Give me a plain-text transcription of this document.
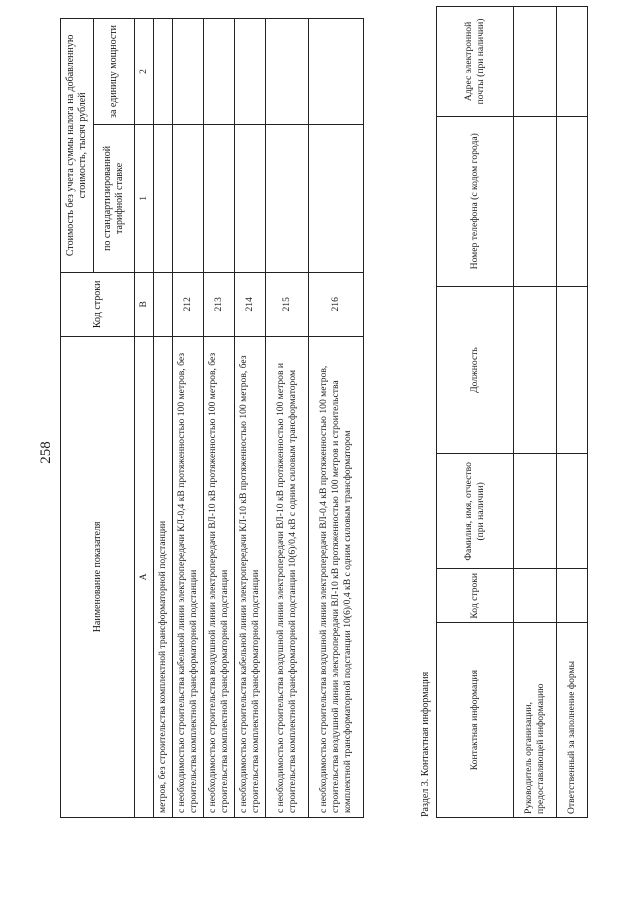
258
Наименование показателя	Код строки	Стоимость без учета суммы налога на добавленную стоимость, тысяч рублей	
		по стандартизированной тарифной ставке	за единицу мощности
А	В	1	2
метров, без строительства комплектной трансформаторной подстанции			
с необходимостью строительства кабельной линии электропередачи КЛ-0,4 кВ протяженностью 100 метров, без строительства комплектной трансформаторной подстанции	212		
с необходимостью строительства воздушной линии электропередачи ВЛ-10 кВ протяженностью 100 метров, без строительства комплектной трансформаторной подстанции	213		
с необходимостью строительства кабельной линии электропередачи КЛ-10 кВ протяженностью 100 метров, без строительства комплектной трансформаторной подстанции	214		
с необходимостью строительства воздушной линии электропередачи ВЛ-10 кВ протяженностью 100 метров и строительства комплектной трансформаторной подстанции 10(6)/0,4 кВ с одним силовым трансформатором	215		
с необходимостью строительства воздушной линии электропередачи ВЛ-0,4 кВ протяженностью 100 метров, строительства воздушной линии электропередачи ВЛ-10 кВ протяженностью 100 метров и строительства комплектной трансформаторной подстанции 10(6)/0,4 кВ с одним силовым трансформатором	216		
Раздел 3. Контактная информация	Контактная информация	Код строки	Фамилия, имя, отчество (при наличии)	Должность	Номер телефона (с кодом города)	Адрес электронной почты (при наличии)
Руководитель организации, предоставляющей информацию					
Ответственный за заполнение формы					
